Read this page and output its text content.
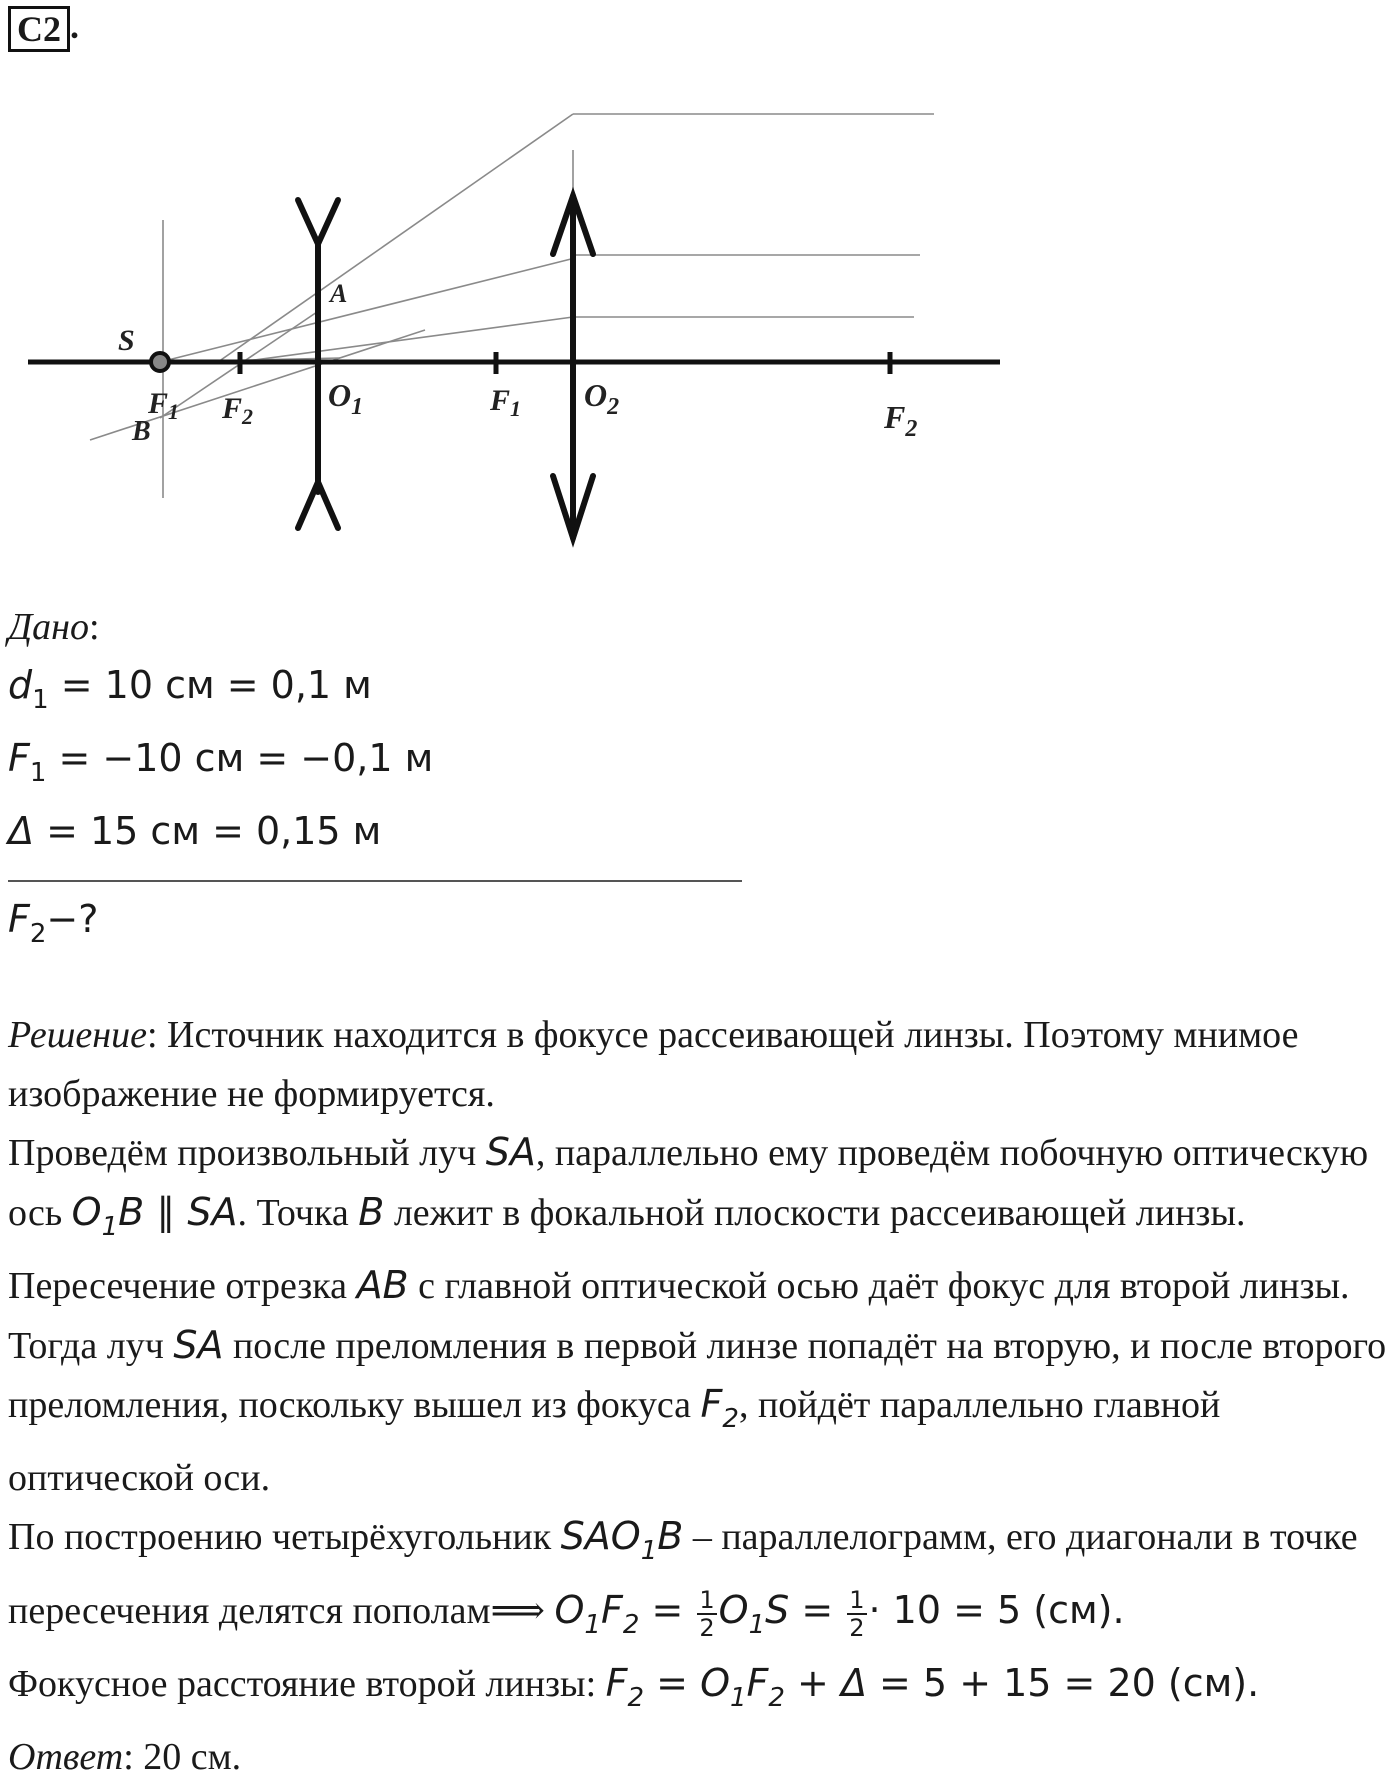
C2 .
S
A
B
$F_1$ $F_2$
$O_1$	$F_1$ $O_2$	$F_2$
Дано:
$d_1 = 10$ см = 0,1 м
$F_1 = -10$ см = −0,1 м
Δ = 15 см = 0,15 м
$F_2-$?

Решение: Источник находится в фокусе рассеивающей линзы. Поэтому мнимое изображение не формируется.

Проведём произвольный луч SA, параллельно ему проведём побочную оптическую ось $O_1B$ ∥ SA. Точка B лежит в фокальной плоскости рассеивающей линзы. Пересечение отрезка AB с главной оптической осью даёт фокус для второй линзы. Тогда луч SA после преломления в первой линзе попадёт на вторую, и после второго преломления, поскольку вышел из фокуса $F_2$, пойдёт параллельно главной оптической оси.

По построению четырёхугольник $SAO_1B$ – параллелограмм, его диагонали в точке пересечения делятся пополам⟹ $O_1F_2 = \frac{1}{2} O_1S = \frac{1}{2} \cdot 10 = 5$ (см).

Фокусное расстояние второй линзы: $F_2 = O_1F_2 + \Delta = 5 + 15 = 20$ (см).

Ответ: 20 см.
